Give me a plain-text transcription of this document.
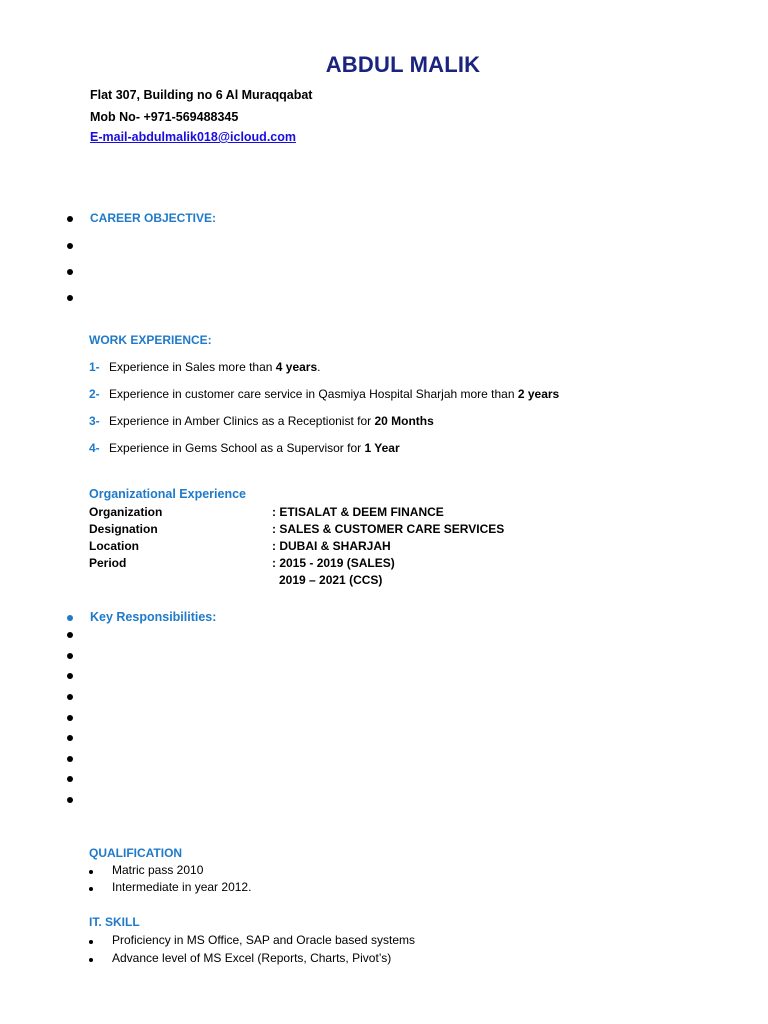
ABDUL MALIK
Flat 307, Building no 6 Al Muraqqabat
Mob No- +971-569488345
E-mail-abdulmalik018@icloud.com
CAREER OBJECTIVE:
WORK EXPERIENCE:
1- Experience in Sales more than 4 years.
2- Experience in customer care service in Qasmiya Hospital Sharjah more than 2 years
3- Experience in Amber Clinics as a Receptionist for 20 Months
4- Experience in Gems School as a Supervisor for 1 Year
Organizational Experience
Organization	: ETISALAT & DEEM FINANCE
Designation	: SALES & CUSTOMER CARE SERVICES
Location	: DUBAI & SHARJAH
Period	: 2015 - 2019 (SALES)
2019 – 2021 (CCS)
Key Responsibilities:
QUALIFICATION
Matric pass 2010
Intermediate in year 2012.
IT. SKILL
Proficiency in MS Office, SAP and Oracle based systems
Advance level of MS Excel (Reports, Charts, Pivot’s)
